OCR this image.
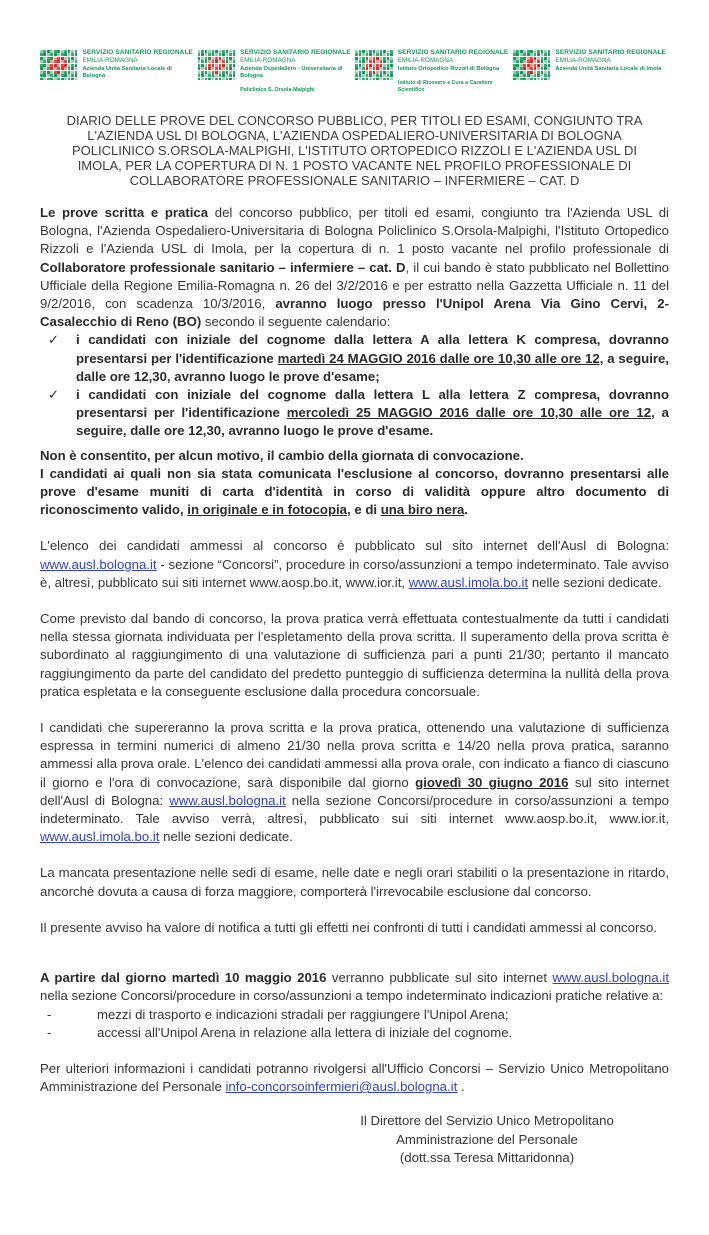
SERVIZIO SANITARIO REGIONALE
EMILIA-ROMAGNA
Azienda Unità Sanitaria Locale di Bologna
SERVIZIO SANITARIO REGIONALE
EMILIA-ROMAGNA
Azienda Ospedaliero - Universitaria di Bologna
Policlinico S. Orsola-Malpighi
SERVIZIO SANITARIO REGIONALE
EMILIA-ROMAGNA
Istituto Ortopedico Rizzoli di Bologna
Istituto di Ricovero e Cura a Carattere Scientifico
SERVIZIO SANITARIO REGIONALE
EMILIA-ROMAGNA
Azienda Unità Sanitaria Locale di Imola
DIARIO DELLE PROVE DEL CONCORSO PUBBLICO, PER TITOLI ED ESAMI, CONGIUNTO TRA L'AZIENDA USL DI BOLOGNA, L'AZIENDA OSPEDALIERO-UNIVERSITARIA DI BOLOGNA POLICLINICO S.ORSOLA-MALPIGHI, L'ISTITUTO ORTOPEDICO RIZZOLI E L'AZIENDA USL DI IMOLA, PER LA COPERTURA DI N. 1 POSTO VACANTE NEL PROFILO PROFESSIONALE DI COLLABORATORE PROFESSIONALE SANITARIO – INFERMIERE – CAT. D

Le prove scritta e pratica del concorso pubblico, per titoli ed esami, congiunto tra l'Azienda USL di Bologna, l'Azienda Ospedaliero-Universitaria di Bologna Policlinico S.Orsola-Malpighi, l'Istituto Ortopedico Rizzoli e l'Azienda USL di Imola, per la copertura di n. 1 posto vacante nel profilo professionale di Collaboratore professionale sanitario – infermiere – cat. D, il cui bando è stato pubblicato nel Bollettino Ufficiale della Regione Emilia-Romagna n. 26 del 3/2/2016 e per estratto nella Gazzetta Ufficiale n. 11 del 9/2/2016, con scadenza 10/3/2016, avranno luogo presso l'Unipol Arena Via Gino Cervi, 2- Casalecchio di Reno (BO) secondo il seguente calendario:

✓ i candidati con iniziale del cognome dalla lettera A alla lettera K compresa, dovranno presentarsi per l'identificazione martedì 24 MAGGIO 2016 dalle ore 10,30 alle ore 12, a seguire, dalle ore 12,30, avranno luogo le prove d'esame;
✓ i candidati con iniziale del cognome dalla lettera L alla lettera Z compresa, dovranno presentarsi per l'identificazione mercoledì 25 MAGGIO 2016 dalle ore 10,30 alle ore 12, a seguire, dalle ore 12,30, avranno luogo le prove d'esame.

Non è consentito, per alcun motivo, il cambio della giornata di convocazione.

I candidati ai quali non sia stata comunicata l'esclusione al concorso, dovranno presentarsi alle prove d'esame muniti di carta d'identità in corso di validità oppure altro documento di riconoscimento valido, in originale e in fotocopia, e di una biro nera.

L'elenco dei candidati ammessi al concorso è pubblicato sul sito internet dell'Ausl di Bologna: www.ausl.bologna.it - sezione “Concorsi”, procedure in corso/assunzioni a tempo indeterminato. Tale avviso è, altresì, pubblicato sui siti internet www.aosp.bo.it, www.ior.it, www.ausl.imola.bo.it nelle sezioni dedicate.

Come previsto dal bando di concorso, la prova pratica verrà effettuata contestualmente da tutti i candidati nella stessa giornata individuata per l'espletamento della prova scritta. Il superamento della prova scritta è subordinato al raggiungimento di una valutazione di sufficienza pari a punti 21/30; pertanto il mancato raggiungimento da parte del candidato del predetto punteggio di sufficienza determina la nullità della prova pratica espletata e la conseguente esclusione dalla procedura concorsuale.

I candidati che supereranno la prova scritta e la prova pratica, ottenendo una valutazione di sufficienza espressa in termini numerici di almeno 21/30 nella prova scritta e 14/20 nella prova pratica, saranno ammessi alla prova orale. L'elenco dei candidati ammessi alla prova orale, con indicato a fianco di ciascuno il giorno e l'ora di convocazione, sarà disponibile dal giorno giovedì 30 giugno 2016 sul sito internet dell'Ausl di Bologna: www.ausl.bologna.it nella sezione Concorsi/procedure in corso/assunzioni a tempo indeterminato. Tale avviso verrà, altresì, pubblicato sui siti internet www.aosp.bo.it, www.ior.it, www.ausl.imola.bo.it nelle sezioni dedicate.

La mancata presentazione nelle sedi di esame, nelle date e negli orari stabiliti o la presentazione in ritardo, ancorchè dovuta a causa di forza maggiore, comporterà l'irrevocabile esclusione dal concorso.

Il presente avviso ha valore di notifica a tutti gli effetti nei confronti di tutti i candidati ammessi al concorso.

A partire dal giorno martedì 10 maggio 2016 verranno pubblicate sul sito internet www.ausl.bologna.it nella sezione Concorsi/procedure in corso/assunzioni a tempo indeterminato indicazioni pratiche relative a:

-	mezzi di trasporto e indicazioni stradali per raggiungere l'Unipol Arena;
-	accessi all'Unipol Arena in relazione alla lettera di iniziale del cognome.

Per ulteriori informazioni i candidati potranno rivolgersi all'Ufficio Concorsi – Servizio Unico Metropolitano Amministrazione del Personale info-concorsoinfermieri@ausl.bologna.it .

Il Direttore del Servizio Unico Metropolitano
Amministrazione del Personale
(dott.ssa Teresa Mittaridonna)
